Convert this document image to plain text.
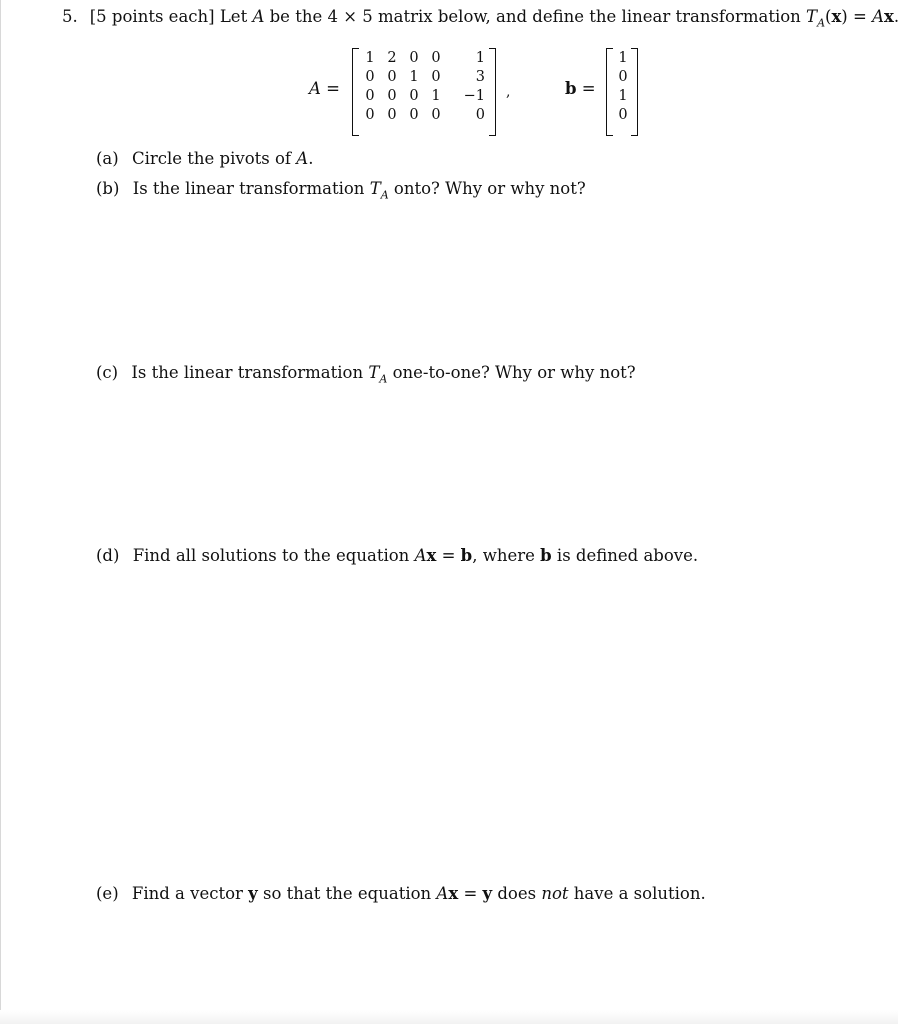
5. [5 points each] Let A be the 4 × 5 matrix below, and define the linear transformation $T_A(x) = Ax$.
A =
1	2	0	0	1
0	0	1	0	3
0	0	0	1	−1
0	0	0	0	0
,	b =
1
0
1
0
(a) Circle the pivots of A.
(b) Is the linear transformation $T_A$ onto? Why or why not?
(c) Is the linear transformation $T_A$ one-to-one? Why or why not?
(d) Find all solutions to the equation Ax = b, where b is defined above.
(e) Find a vector y so that the equation Ax = y does not have a solution.
